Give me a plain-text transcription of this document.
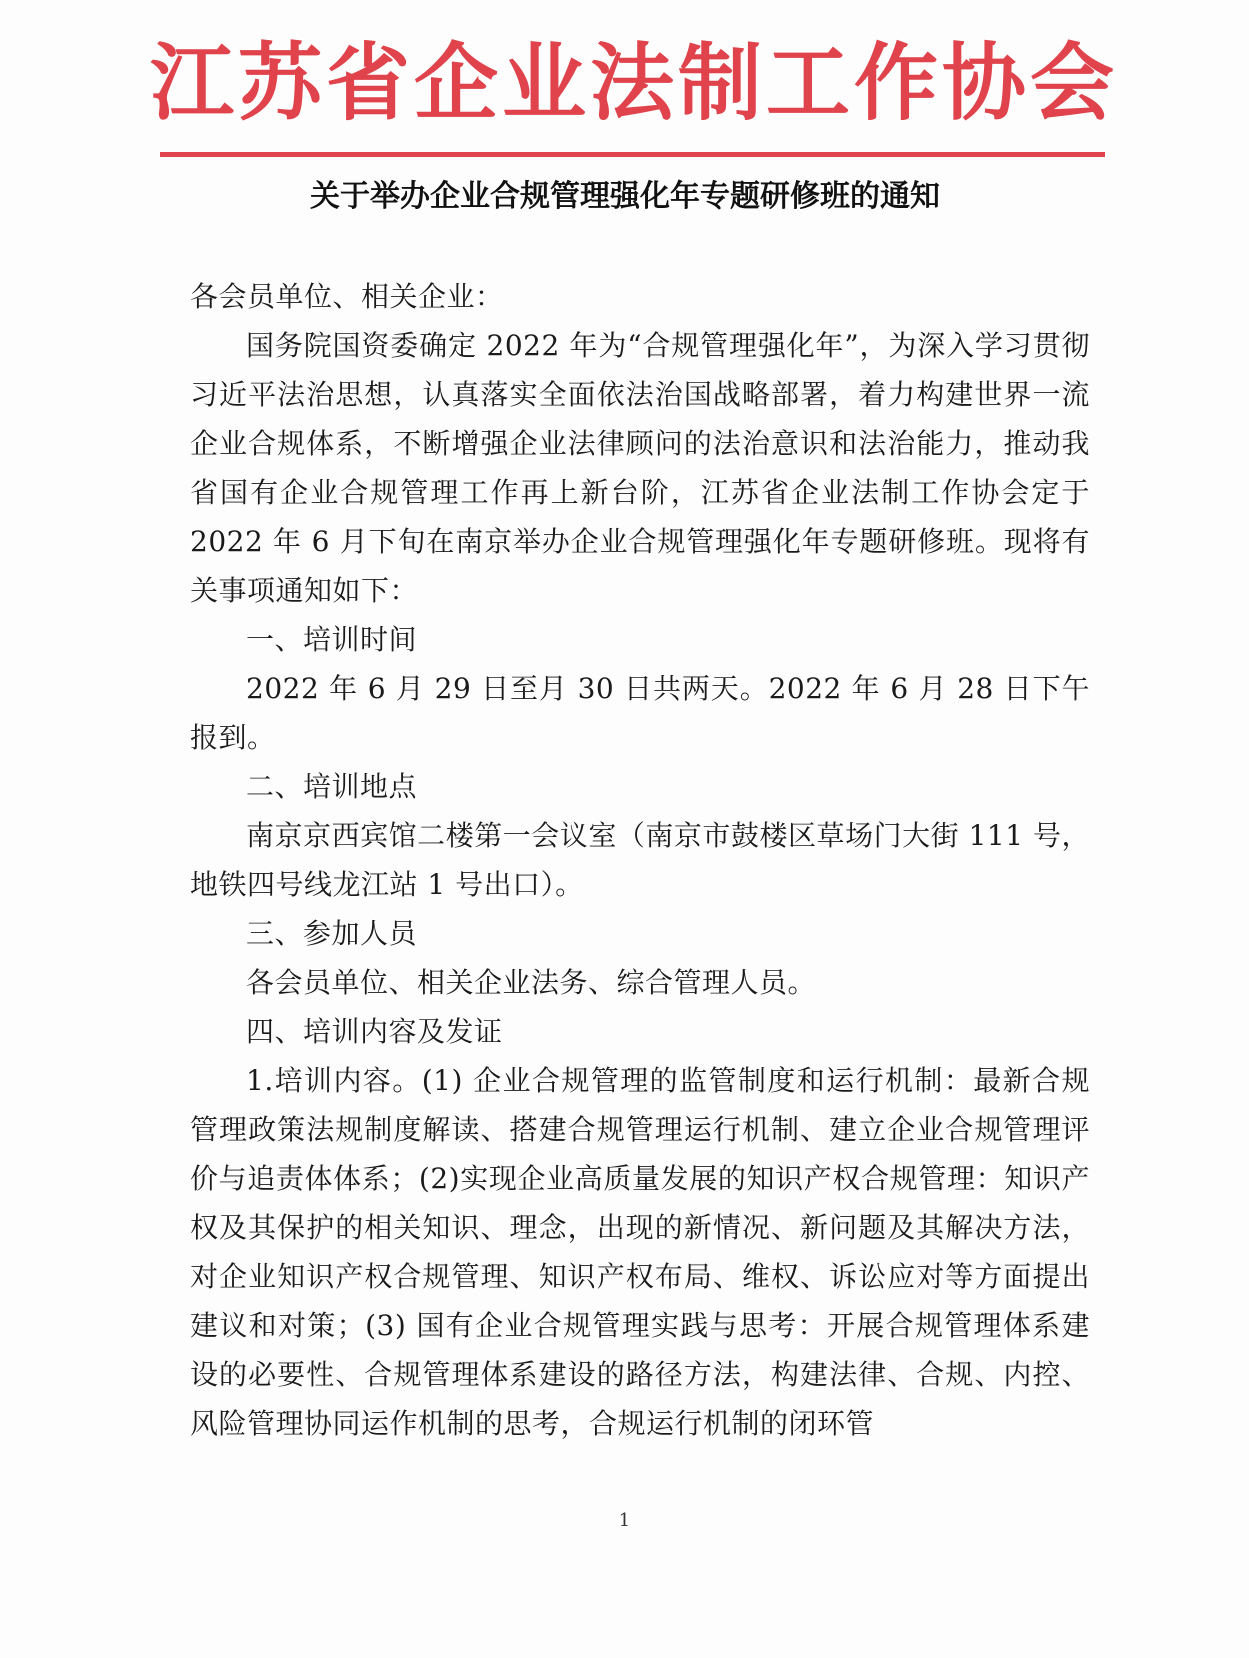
江苏省企业法制工作协会
关于举办企业合规管理强化年专题研修班的通知

各会员单位、相关企业：

国务院国资委确定 2022 年为“合规管理强化年”，为深入学习贯彻习近平法治思想，认真落实全面依法治国战略部署，着力构建世界一流企业合规体系，不断增强企业法律顾问的法治意识和法治能力，推动我省国有企业合规管理工作再上新台阶，江苏省企业法制工作协会定于 2022 年 6 月下旬在南京举办企业合规管理强化年专题研修班。现将有关事项通知如下：

一、培训时间

2022 年 6 月 29 日至月 30 日共两天。2022 年 6 月 28 日下午报到。

二、培训地点

南京京西宾馆二楼第一会议室（南京市鼓楼区草场门大街 111 号，地铁四号线龙江站 1 号出口）。

三、参加人员

各会员单位、相关企业法务、综合管理人员。

四、培训内容及发证

1.培训内容。(1) 企业合规管理的监管制度和运行机制：最新合规管理政策法规制度解读、搭建合规管理运行机制、建立企业合规管理评价与追责体体系；(2)实现企业高质量发展的知识产权合规管理：知识产权及其保护的相关知识、理念，出现的新情况、新问题及其解决方法，对企业知识产权合规管理、知识产权布局、维权、诉讼应对等方面提出建议和对策；(3) 国有企业合规管理实践与思考：开展合规管理体系建设的必要性、合规管理体系建设的路径方法，构建法律、合规、内控、风险管理协同运作机制的思考，合规运行机制的闭环管

1
